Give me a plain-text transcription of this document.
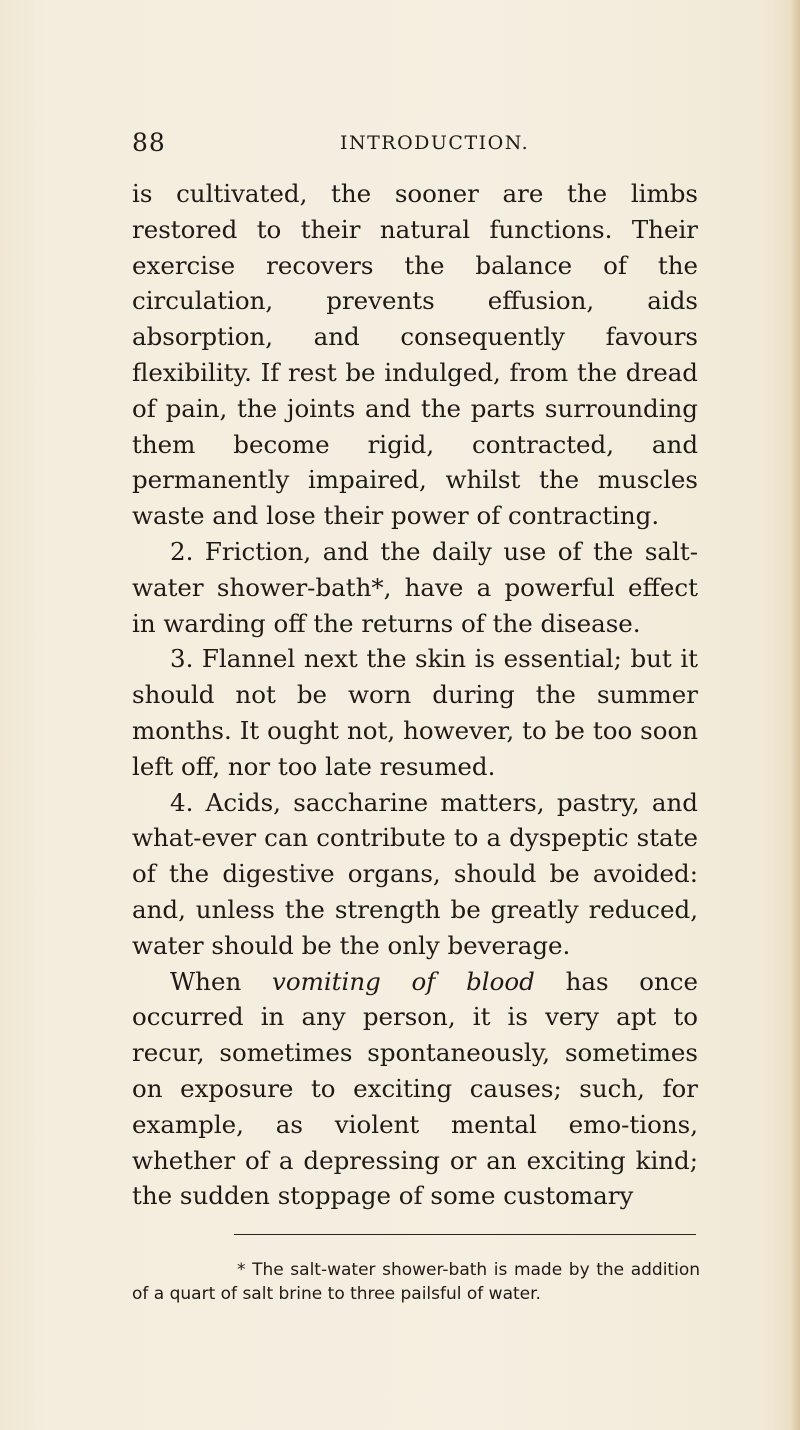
88	INTRODUCTION.

is cultivated, the sooner are the limbs restored to their natural functions. Their exercise recovers the balance of the circulation, prevents effusion, aids absorption, and consequently favours flexibility. If rest be indulged, from the dread of pain, the joints and the parts surrounding them become rigid, contracted, and permanently impaired, whilst the muscles waste and lose their power of contracting.

2. Friction, and the daily use of the salt-water shower-bath*, have a powerful effect in warding off the returns of the disease.

3. Flannel next the skin is essential; but it should not be worn during the summer months. It ought not, however, to be too soon left off, nor too late resumed.

4. Acids, saccharine matters, pastry, and what-ever can contribute to a dyspeptic state of the digestive organs, should be avoided: and, unless the strength be greatly reduced, water should be the only beverage.

When vomiting of blood has once occurred in any person, it is very apt to recur, sometimes spontaneously, sometimes on exposure to exciting causes; such, for example, as violent mental emo-tions, whether of a depressing or an exciting kind; the sudden stoppage of some customary

* The salt-water shower-bath is made by the addition of a quart of salt brine to three pailsful of water.
